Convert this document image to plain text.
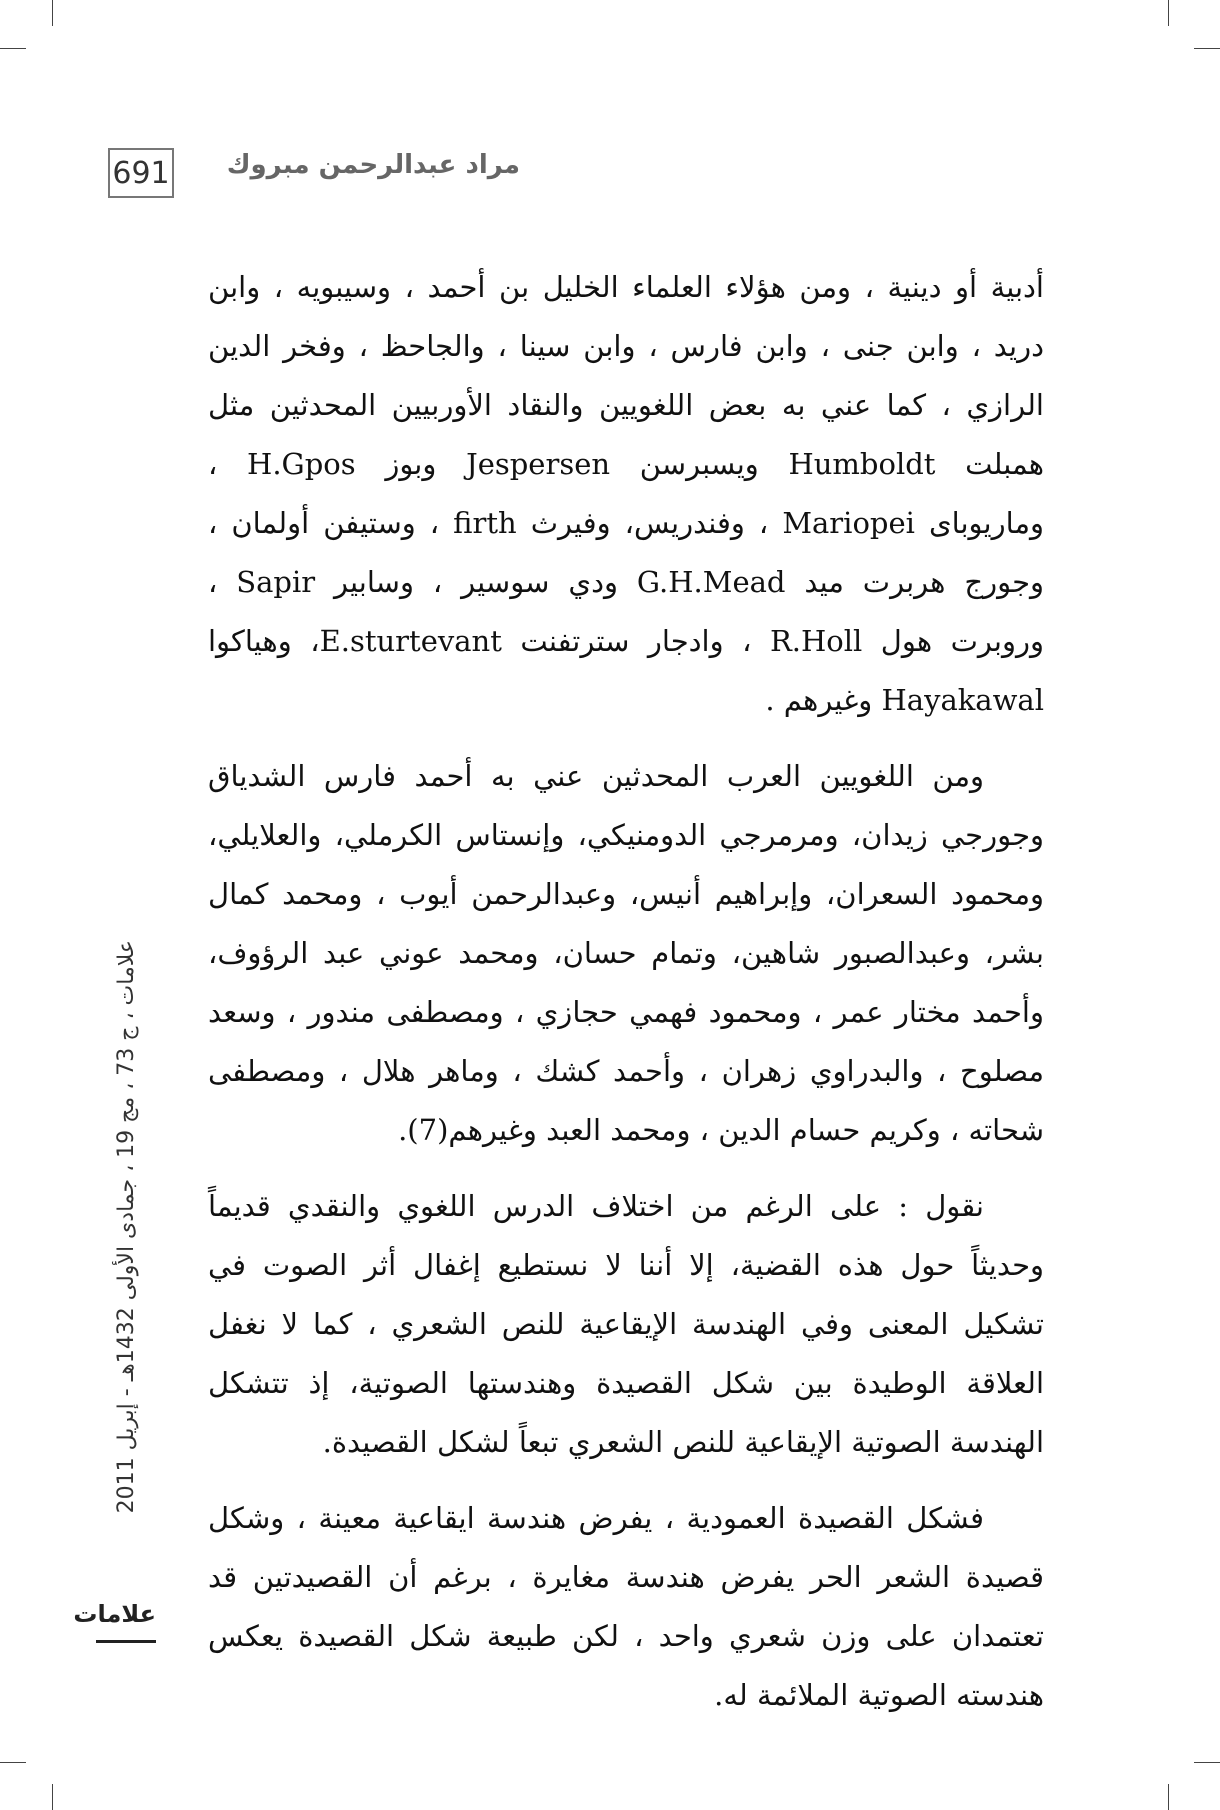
691 مراد عبدالرحمن مبروك

أدبية أو دينية ، ومن هؤلاء العلماء الخليل بن أحمد ، وسيبويه ، وابن دريد ، وابن جنى ، وابن فارس ، وابن سينا ، والجاحظ ، وفخر الدين الرازي ، كما عني به بعض اللغويين والنقاد الأوربيين المحدثين مثل همبلت Humboldt ويسبرسن Jespersen وبوز H.Gpos ، وماريوباى Mariopei ، وفندريس، وفيرث firth ، وستيفن أولمان ، وجورج هربرت ميد G.H.Mead ودي سوسير ، وسابير Sapir ، وروبرت هول R.Holl ، وادجار سترتفنت E.sturtevant، وهياكوا Hayakawal وغيرهم .

ومن اللغويين العرب المحدثين عني به أحمد فارس الشدياق وجورجي زيدان، ومرمرجي الدومنيكي، وإنستاس الكرملي، والعلايلي، ومحمود السعران، وإبراهيم أنيس، وعبدالرحمن أيوب ، ومحمد كمال بشر، وعبدالصبور شاهين، وتمام حسان، ومحمد عوني عبد الرؤوف، وأحمد مختار عمر ، ومحمود فهمي حجازي ، ومصطفى مندور ، وسعد مصلوح ، والبدراوي زهران ، وأحمد كشك ، وماهر هلال ، ومصطفى شحاته ، وكريم حسام الدين ، ومحمد العبد وغيرهم(7).

نقول : على الرغم من اختلاف الدرس اللغوي والنقدي قديماً وحديثاً حول هذه القضية، إلا أننا لا نستطيع إغفال أثر الصوت في تشكيل المعنى وفي الهندسة الإيقاعية للنص الشعري ، كما لا نغفل العلاقة الوطيدة بين شكل القصيدة وهندستها الصوتية، إذ تتشكل الهندسة الصوتية الإيقاعية للنص الشعري تبعاً لشكل القصيدة.

فشكل القصيدة العمودية ، يفرض هندسة ايقاعية معينة ، وشكل قصيدة الشعر الحر يفرض هندسة مغايرة ، برغم أن القصيدتين قد تعتمدان على وزن شعري واحد ، لكن طبيعة شكل القصيدة يعكس هندسته الصوتية الملائمة له.

علامات ، ج 73 ، مج 19 ، جمادى الأولى 1432هـ - إبريل 2011
علامات
